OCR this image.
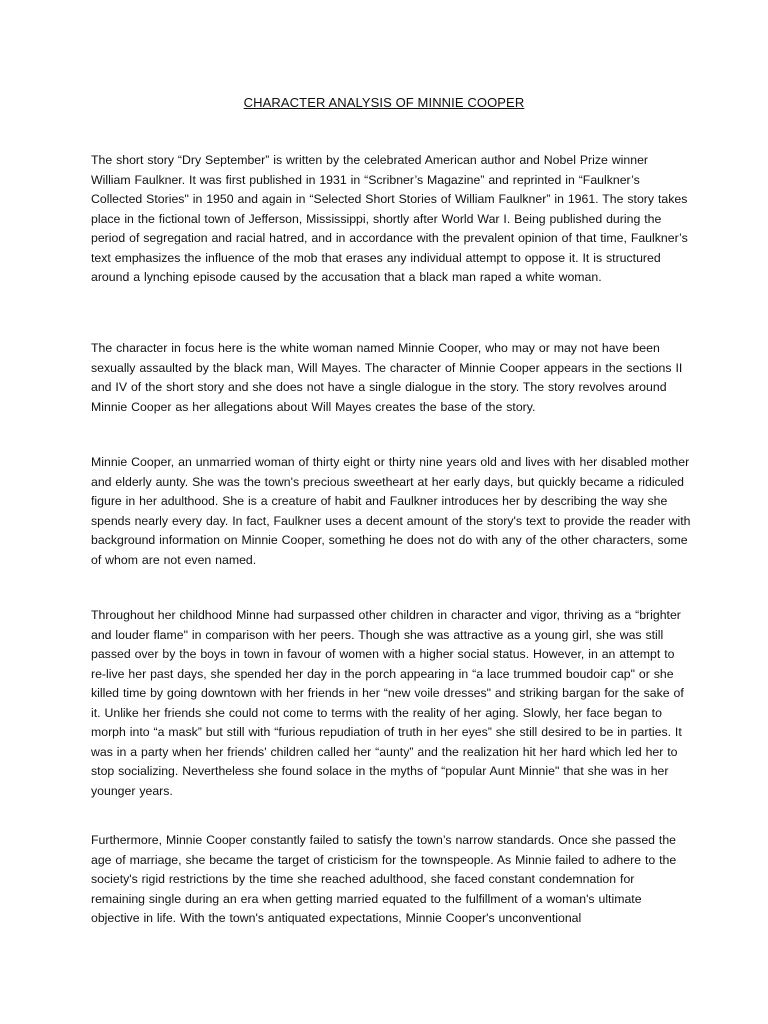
CHARACTER ANALYSIS OF MINNIE COOPER

The short story “Dry September” is written by the celebrated American author and Nobel Prize winner William Faulkner. It was first published in 1931 in “Scribner’s Magazine” and reprinted in “Faulkner’s Collected Stories" in 1950 and again in “Selected Short Stories of William Faulkner” in 1961. The story takes place in the fictional town of Jefferson, Mississippi, shortly after World War I. Being published during the period of segregation and racial hatred, and in accordance with the prevalent opinion of that time, Faulkner’s text emphasizes the influence of the mob that erases any individual attempt to oppose it. It is structured around a lynching episode caused by the accusation that a black man raped a white woman.

The character in focus here is the white woman named Minnie Cooper, who may or may not have been sexually assaulted by the black man, Will Mayes. The character of Minnie Cooper appears in the sections II and IV of the short story and she does not have a single dialogue in the story. The story revolves around Minnie Cooper as her allegations about Will Mayes creates the base of the story.

Minnie Cooper, an unmarried woman of thirty eight or thirty nine years old and lives with her disabled mother and elderly aunty. She was the town's precious sweetheart at her early days, but quickly became a ridiculed figure in her adulthood. She is a creature of habit and Faulkner introduces her by describing the way she spends nearly every day. In fact, Faulkner uses a decent amount of the story's text to provide the reader with background information on Minnie Cooper, something he does not do with any of the other characters, some of whom are not even named.

Throughout her childhood Minne had surpassed other children in character and vigor, thriving as a “brighter and louder flame" in comparison with her peers. Though she was attractive as a young girl, she was still passed over by the boys in town in favour of women with a higher social status. However, in an attempt to re-live her past days, she spended her day in the porch appearing in “a lace trummed boudoir cap" or she killed time by going downtown with her friends in her “new voile dresses" and striking bargan for the sake of it. Unlike her friends she could not come to terms with the reality of her aging. Slowly, her face began to morph into “a mask” but still with “furious repudiation of truth in her eyes” she still desired to be in parties. It was in a party when her friends' children called her “aunty” and the realization hit her hard which led her to stop socializing. Nevertheless she found solace in the myths of “popular Aunt Minnie" that she was in her younger years.

Furthermore, Minnie Cooper constantly failed to satisfy the town’s narrow standards. Once she passed the age of marriage, she became the target of cristicism for the townspeople. As Minnie failed to adhere to the society's rigid restrictions by the time she reached adulthood, she faced constant condemnation for remaining single during an era when getting married equated to the fulfillment of a woman's ultimate objective in life. With the town's antiquated expectations, Minnie Cooper's unconventional
